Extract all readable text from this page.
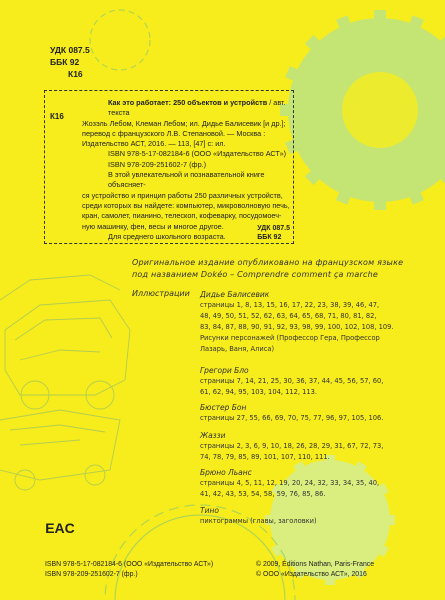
УДК 087.5
ББК 92
К16
К16

Как это работает: 250 объектов и устройств / авт. текста

Жозэль Лебом, Клеман Лебом; ил. Дидье Балисевик [и др.];

перевод с французского Л.В. Степановой. — Москва :

Издательство АСТ, 2016. — 113, [47] с: ил.

ISBN 978-5-17-082184-6 (ООО «Издательство АСТ»)

ISBN 978-209-251602-7 (фр.)

В этой увлекательной и познавательной книге объясняет-

ся устройство и принцип работы 250 различных устройств,

среди которых вы найдете: компьютер, микроволновую печь,

кран, самолет, пианино, телескоп, кофеварку, посудомоеч-

ную машинку, фен, весы и многое другое.

Для среднего школьного возраста.

УДК 087.5
ББК 92
Оригинальное издание опубликовано на французском языке
под названием Dokéo – Comprendre comment ça marche
Иллюстрации Дидье Балисевик
страницы 1, 8, 13, 15, 16, 17, 22, 23, 38, 39, 46, 47,
48, 49, 50, 51, 52, 62, 63, 64, 65, 68, 71, 80, 81, 82,
83, 84, 87, 88, 90, 91, 92, 93, 98, 99, 100, 102, 108, 109.
Рисунки персонажей (Профессор Гера, Профессор
Лазарь, Ваня, Алиса)
Грегори Бло
страницы 7, 14, 21, 25, 30, 36, 37, 44, 45, 56, 57, 60,
61, 62, 94, 95, 103, 104, 112, 113.
Бюстер Бон
страницы 27, 55, 66, 69, 70, 75, 77, 96, 97, 105, 106.
Жаззи
страницы 2, 3, 6, 9, 10, 18, 26, 28, 29, 31, 67, 72, 73,
74, 78, 79, 85, 89, 101, 107, 110, 111.
Брюно Льанс
страницы 4, 5, 11, 12, 19, 20, 24, 32, 33, 34, 35, 40,
41, 42, 43, 53, 54, 58, 59, 76, 85, 86.
Тино
пиктограммы (главы, заголовки)
EAC
ISBN 978-5-17-082184-6 (ООО «Издательство АСТ»)
ISBN 978-209-251602-7 (фр.)
© 2009, Éditions Nathan, Paris-France
© ООО «Издательство АСТ», 2016
